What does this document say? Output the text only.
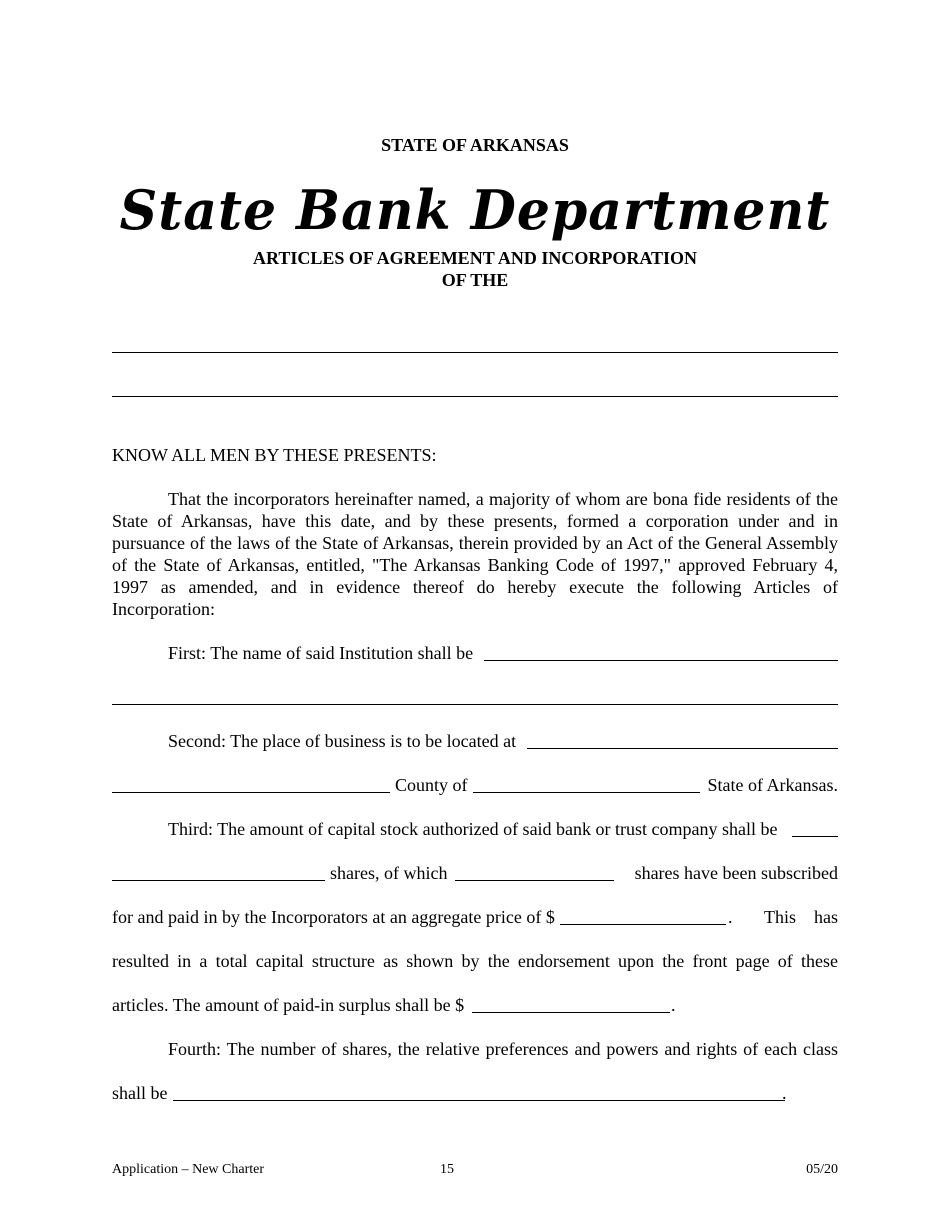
STATE OF ARKANSAS
State Bank Department
ARTICLES OF AGREEMENT AND INCORPORATION
OF THE
KNOW ALL MEN BY THESE PRESENTS:
That the incorporators hereinafter named, a majority of whom are bona fide residents of the State of Arkansas, have this date, and by these presents, formed a corporation under and in pursuance of the laws of the State of Arkansas, therein provided by an Act of the General Assembly of the State of Arkansas, entitled, "The Arkansas Banking Code of 1997," approved February 4, 1997 as amended, and in evidence thereof do hereby execute the following Articles of Incorporation:
First: The name of said Institution shall be
Second: The place of business is to be located at
County of	State of Arkansas.
Third: The amount of capital stock authorized of said bank or trust company shall be
shares, of which	shares have been subscribed
for and paid in by the Incorporators at an aggregate price of $	. This has
resulted in a total capital structure as shown by the endorsement upon the front page of these
articles. The amount of paid-in surplus shall be $	.
Fourth: The number of shares, the relative preferences and powers and rights of each class
shall be	.
Application – New Charter	15	05/20
